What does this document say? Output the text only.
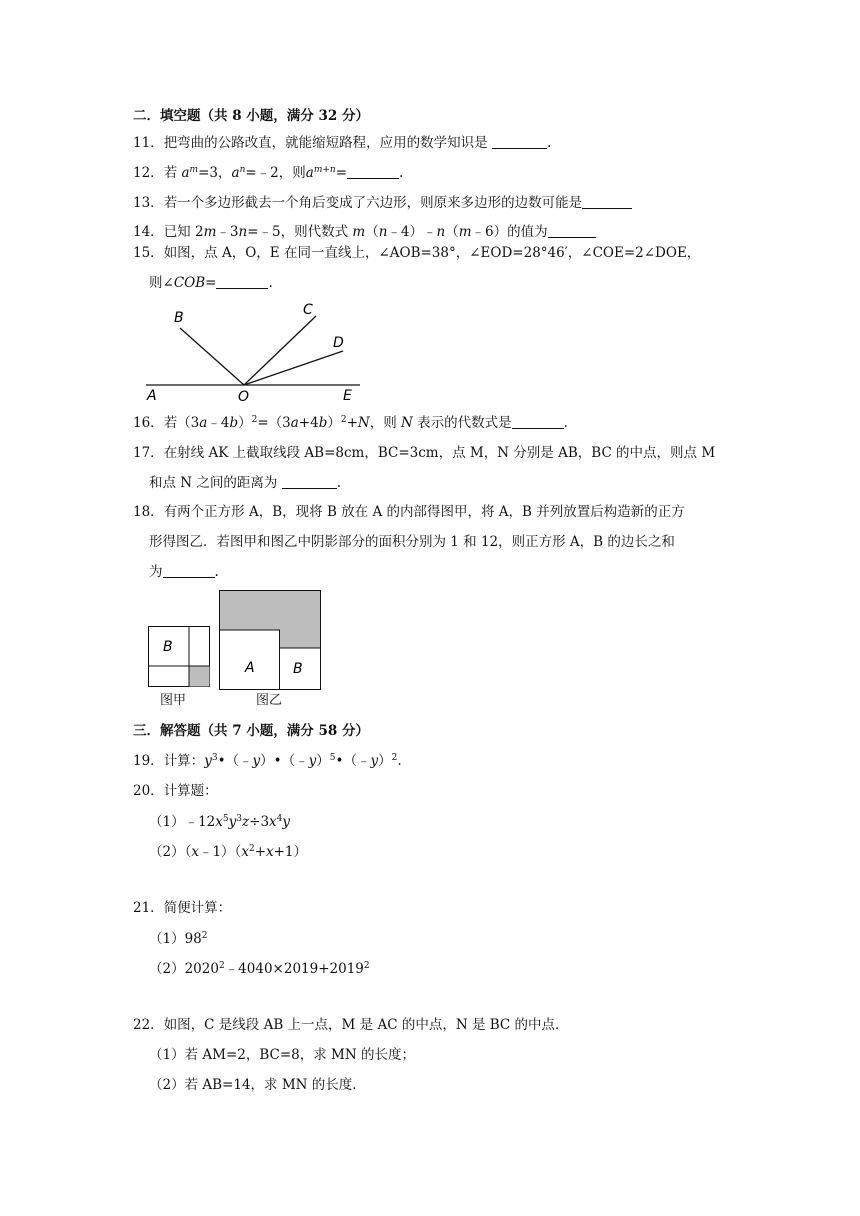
二．填空题（共 8 小题，满分 32 分）
11．把弯曲的公路改直，就能缩短路程，应用的数学知识是	.
12．若 $a^m=3$，$a^n=﹣2$，则$a^{m+n}=$	.
13．若一个多边形截去一个角后变成了六边形，则原来多边形的边数可能是
14．已知 2m﹣3n=﹣5，则代数式 m（n﹣4）﹣n（m﹣6）的值为
15．如图，点 A，O，E 在同一直线上，∠AOB=38°，∠EOD=28°46′，∠COE=2∠DOE，
则∠COB=	.
B	C
D
A	O	E
16．若$(3a﹣4b)^2=(3a+4b)^2+N$，则 N 表示的代数式是	.
17．在射线 AK 上截取线段 AB=8cm，BC=3cm，点 M，N 分别是 AB，BC 的中点，则点 M
和点 N 之间的距离为	.
18．有两个正方形 A，B，现将 B 放在 A 的内部得图甲，将 A，B 并列放置后构造新的正方
形得图乙．若图甲和图乙中阴影部分的面积分别为 1 和 12，则正方形 A，B 的边长之和
为	.
B
图甲
A	B
图乙
三．解答题（共 7 小题，满分 58 分）
19．计算：$y^3•(﹣y)•(﹣y)^5•(﹣y)^2$.
20．计算题：
$(1)﹣12x^5y^3z\div 3x^4y$
$(2)(x﹣1)(x^2+x+1)$
21．简便计算：
$(1)98^2$
$(2)2020^2﹣4040\times 2019+2019^2$
22．如图，C 是线段 AB 上一点，M 是 AC 的中点，N 是 BC 的中点．
（1）若 AM=2，BC=8，求 MN 的长度；
（2）若 AB=14，求 MN 的长度．
